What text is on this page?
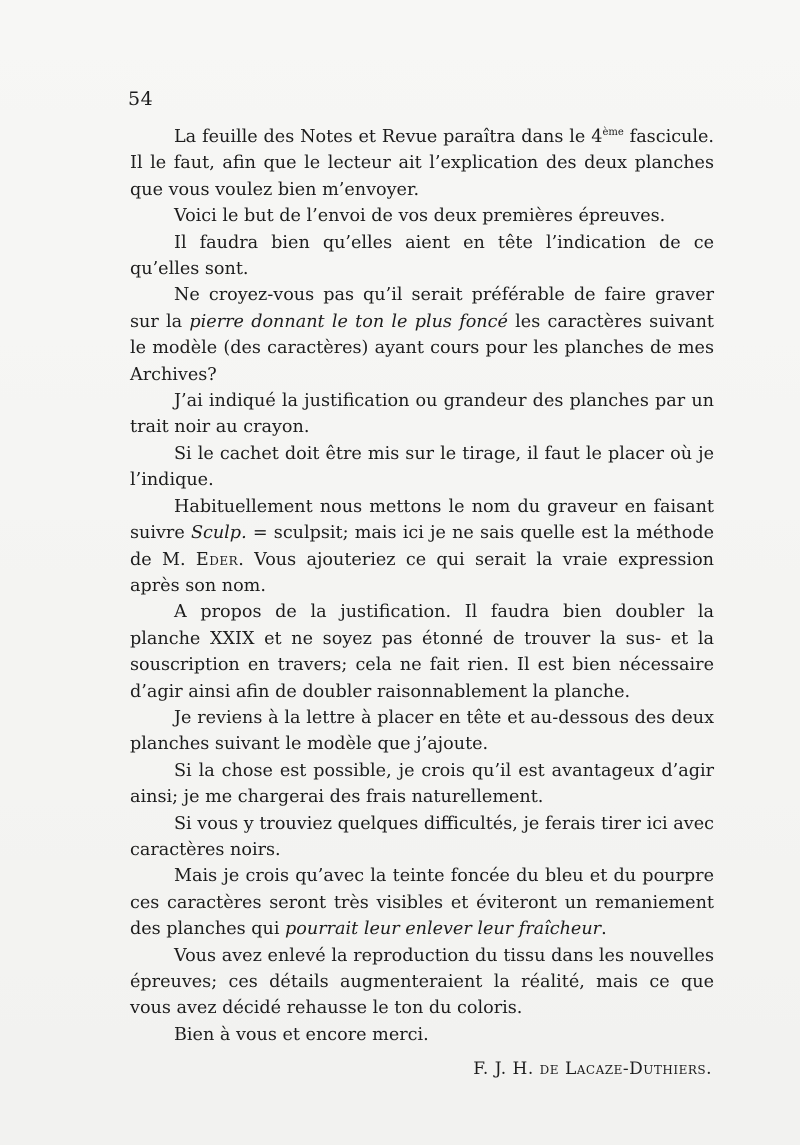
54

La feuille des Notes et Revue paraîtra dans le 4ème fascicule. Il le faut, afin que le lecteur ait l’explication des deux planches que vous voulez bien m’envoyer.

Voici le but de l’envoi de vos deux premières épreuves.

Il faudra bien qu’elles aient en tête l’indication de ce qu’elles sont.

Ne croyez-vous pas qu’il serait préférable de faire graver sur la pierre donnant le ton le plus foncé les caractères suivant le modèle (des caractères) ayant cours pour les planches de mes Archives?

J’ai indiqué la justification ou grandeur des planches par un trait noir au crayon.

Si le cachet doit être mis sur le tirage, il faut le placer où je l’indique.

Habituellement nous mettons le nom du graveur en faisant suivre Sculp. = sculpsit; mais ici je ne sais quelle est la méthode de M. Eder. Vous ajouteriez ce qui serait la vraie expression après son nom.

A propos de la justification. Il faudra bien doubler la planche XXIX et ne soyez pas étonné de trouver la sus- et la souscription en travers; cela ne fait rien. Il est bien nécessaire d’agir ainsi afin de doubler raisonnablement la planche.

Je reviens à la lettre à placer en tête et au-dessous des deux planches suivant le modèle que j’ajoute.

Si la chose est possible, je crois qu’il est avantageux d’agir ainsi; je me chargerai des frais naturellement.

Si vous y trouviez quelques difficultés, je ferais tirer ici avec caractères noirs.

Mais je crois qu’avec la teinte foncée du bleu et du pourpre ces caractères seront très visibles et éviteront un remaniement des planches qui pourrait leur enlever leur fraîcheur.

Vous avez enlevé la reproduction du tissu dans les nouvelles épreuves; ces détails augmenteraient la réalité, mais ce que vous avez décidé rehausse le ton du coloris.

Bien à vous et encore merci.

F. J. H. de Lacaze-Duthiers.
